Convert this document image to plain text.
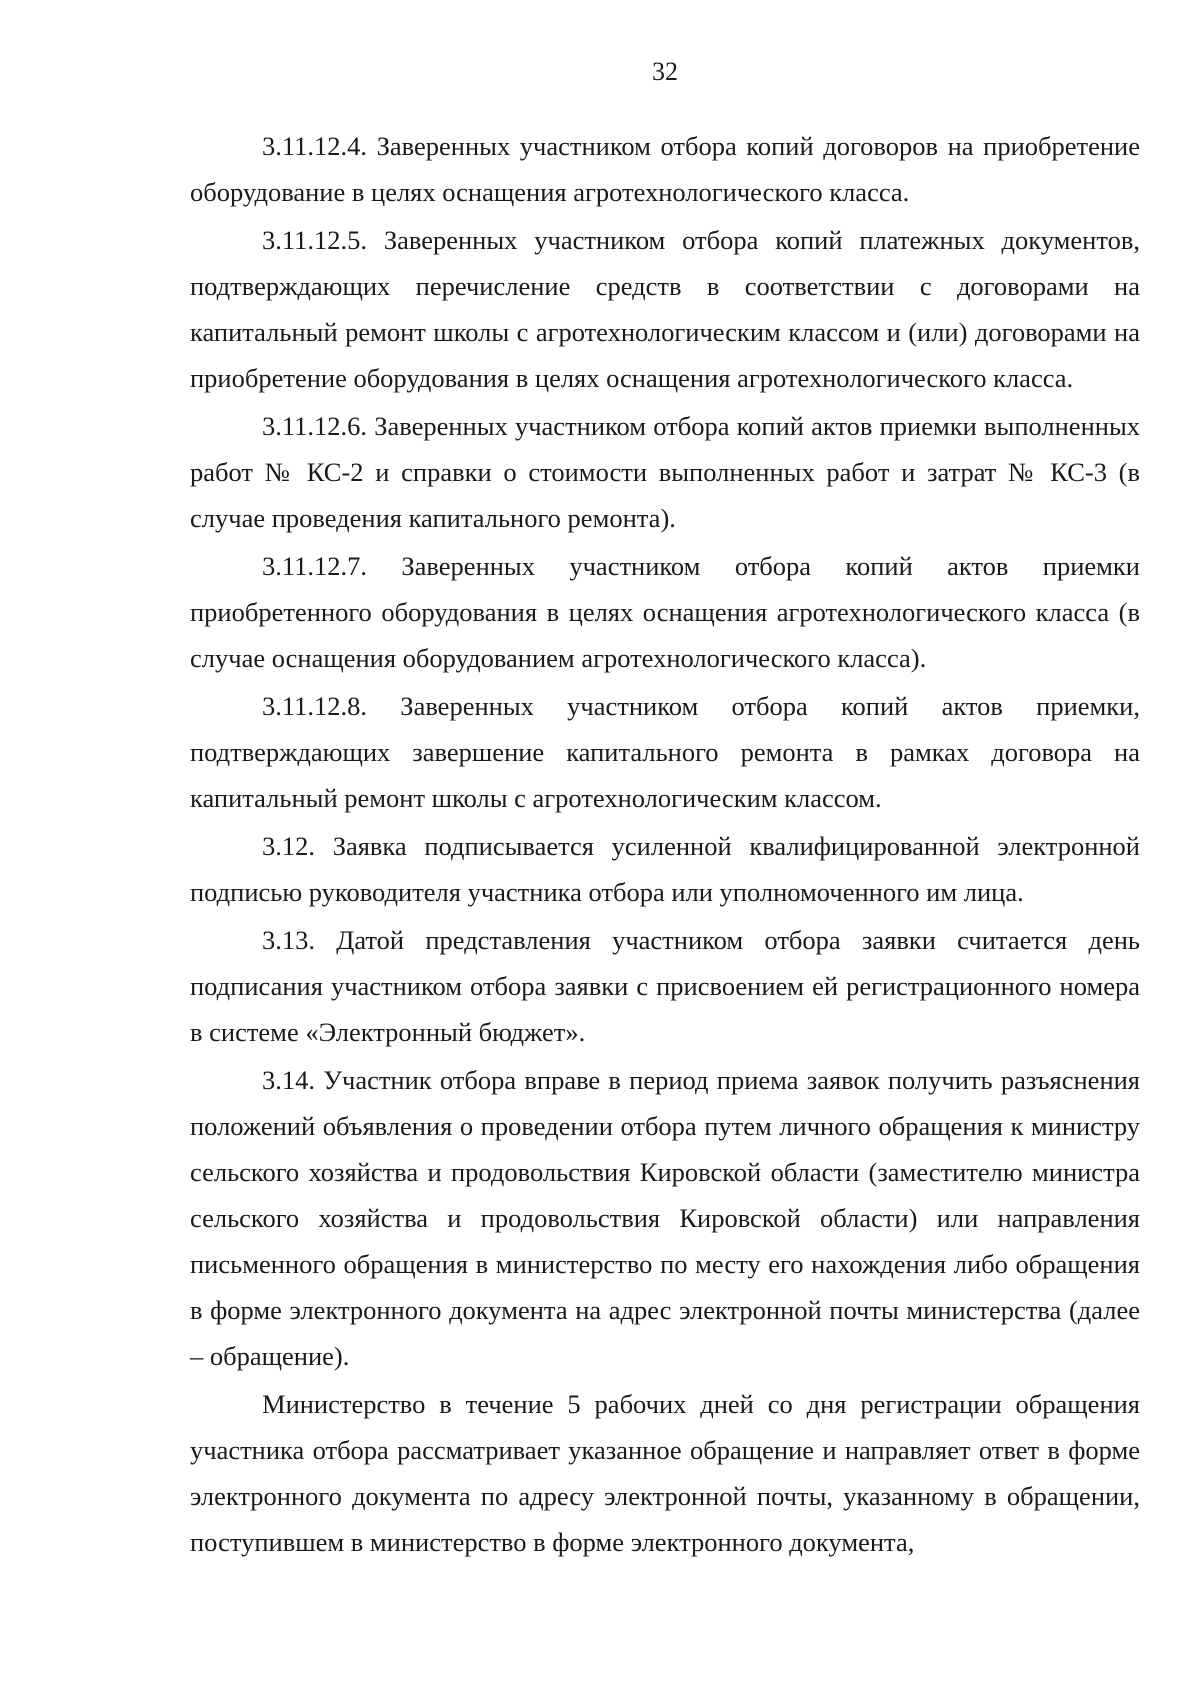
32

3.11.12.4. Заверенных участником отбора копий договоров на приобретение оборудование в целях оснащения агротехнологического класса.

3.11.12.5. Заверенных участником отбора копий платежных документов, подтверждающих перечисление средств в соответствии с договорами на капитальный ремонт школы с агротехнологическим классом и (или) договорами на приобретение оборудования в целях оснащения агротехнологического класса.

3.11.12.6. Заверенных участником отбора копий актов приемки выполненных работ № КС-2 и справки о стоимости выполненных работ и затрат № КС-3 (в случае проведения капитального ремонта).

3.11.12.7. Заверенных участником отбора копий актов приемки приобретенного оборудования в целях оснащения агротехнологического класса (в случае оснащения оборудованием агротехнологического класса).

3.11.12.8. Заверенных участником отбора копий актов приемки, подтверждающих завершение капитального ремонта в рамках договора на капитальный ремонт школы с агротехнологическим классом.

3.12. Заявка подписывается усиленной квалифицированной электронной подписью руководителя участника отбора или уполномоченного им лица.

3.13. Датой представления участником отбора заявки считается день подписания участником отбора заявки с присвоением ей регистрационного номера в системе «Электронный бюджет».

3.14. Участник отбора вправе в период приема заявок получить разъяснения положений объявления о проведении отбора путем личного обращения к министру сельского хозяйства и продовольствия Кировской области (заместителю министра сельского хозяйства и продовольствия Кировской области) или направления письменного обращения в министерство по месту его нахождения либо обращения в форме электронного документа на адрес электронной почты министерства (далее – обращение).

Министерство в течение 5 рабочих дней со дня регистрации обращения участника отбора рассматривает указанное обращение и направляет ответ в форме электронного документа по адресу электронной почты, указанному в обращении, поступившем в министерство в форме электронного документа,
